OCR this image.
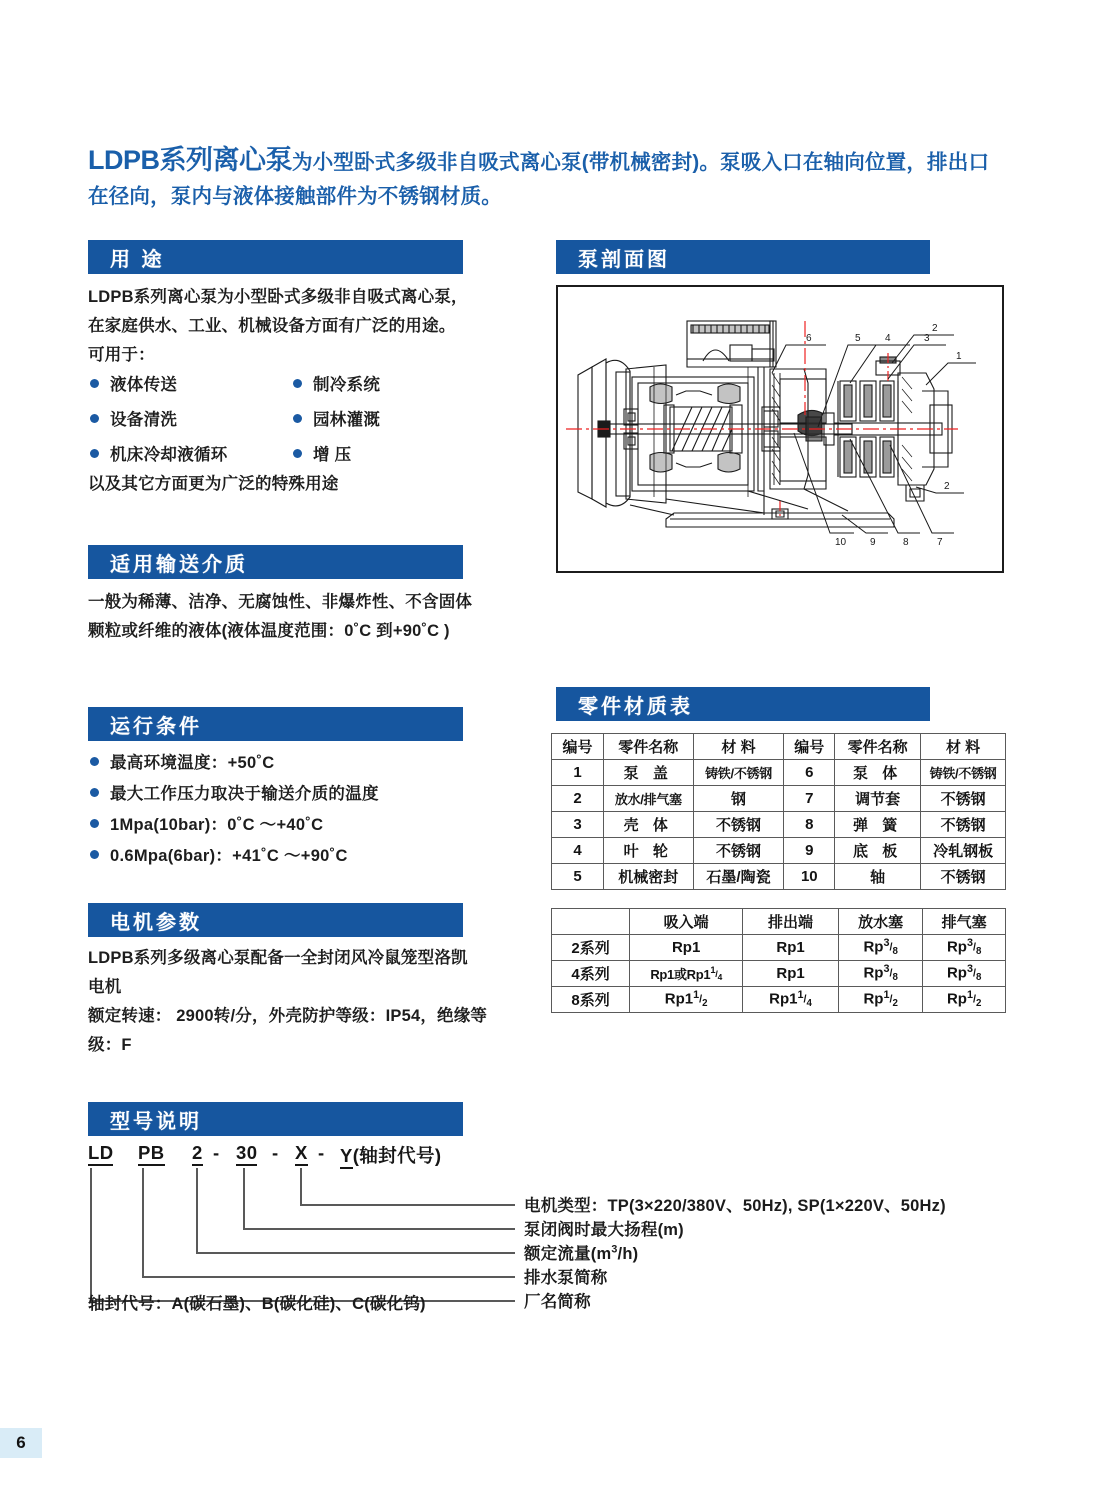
LDPB系列离心泵为小型卧式多级非自吸式离心泵(带机械密封)。泵吸入口在轴向位置，排出口在径向，泵内与液体接触部件为不锈钢材质。
用 途
LDPB系列离心泵为小型卧式多级非自吸式离心泵，在家庭供水、工业、机械设备方面有广泛的用途。可用于：
液体传送
设备清洗
机床冷却液循环
制冷系统
园林灌溉
增 压
以及其它方面更为广泛的特殊用途
适用输送介质
一般为稀薄、洁净、无腐蚀性、非爆炸性、不含固体颗粒或纤维的液体(液体温度范围：0˚C 到+90˚C )
运行条件
最高环境温度：+50˚C
最大工作压力取决于输送介质的温度
1Mpa(10bar)：0˚C ～+40˚C
0.6Mpa(6bar)：+41˚C ～+90˚C
电机参数
LDPB系列多级离心泵配备一全封闭风冷鼠笼型洛凯电机
额定转速： 2900转/分，外壳防护等级：IP54，绝缘等级：F
泵剖面图
6	5 4	3
2
1
10 9	8	7
2
零件材质表
编号	零件名称	材 料	编号	零件名称	材 料
1	泵 盖	铸铁/不锈钢	6	泵 体	铸铁/不锈钢
2	放水/排气塞	钢	7	调节套	不锈钢
3	壳 体	不锈钢	8	弹 簧	不锈钢
4	叶 轮	不锈钢	9	底 板	冷轧钢板
5	机械密封	石墨/陶瓷	10	轴	不锈钢
	吸入端	排出端	放水塞	排气塞
2系列	Rp1	Rp1	$Rp^3/_8$	$Rp^3/_8$
4系列	Rp1或$Rp1^1/_4$	Rp1	$Rp^3/_8$	$Rp^3/_8$
8系列	$Rp1^1/_2$	$Rp1^1/_4$	$Rp^1/_2$	$Rp^1/_2$
型号说明
LD PB 2 - 30 - X - Y(轴封代号)
电机类型：TP(3×220/380V、50Hz), SP(1×220V、50Hz)
泵闭阀时最大扬程(m)
额定流量$(m^3/h)$
排水泵简称
厂名简称
轴封代号：A(碳石墨)、B(碳化硅)、C(碳化钨)
6
